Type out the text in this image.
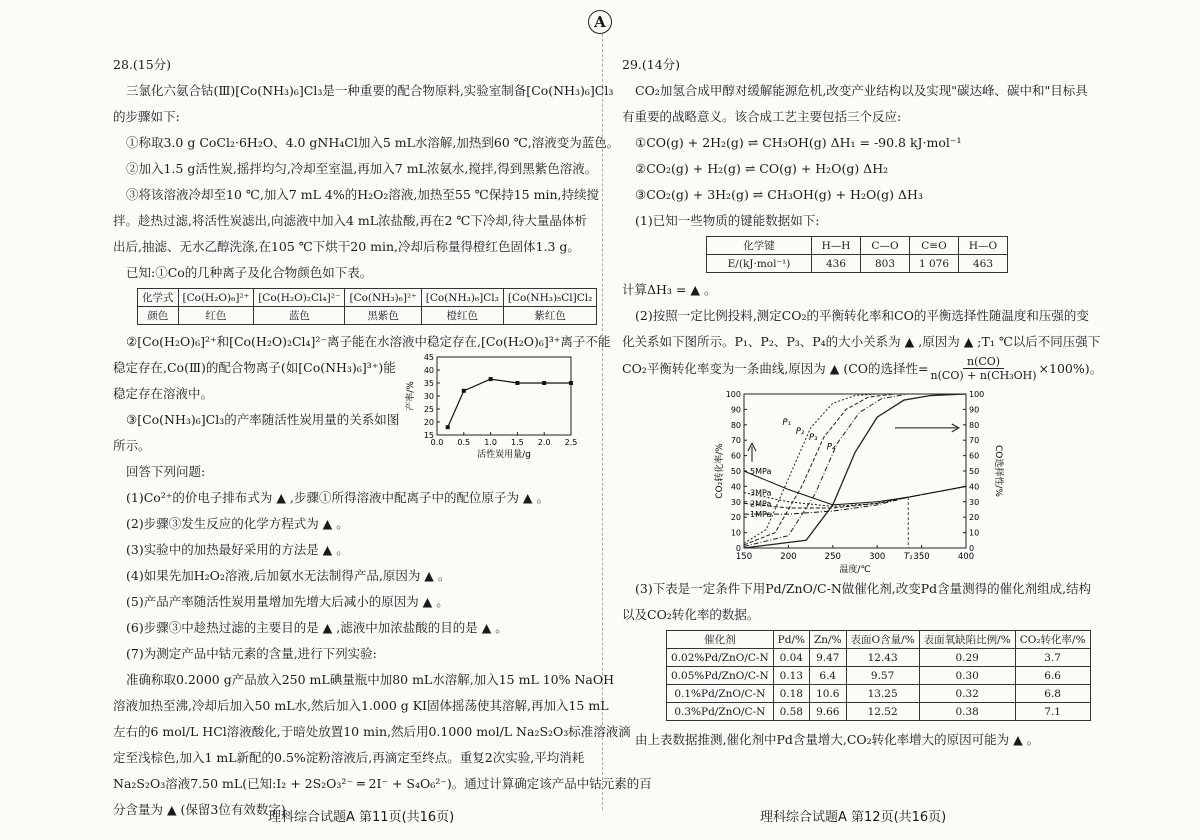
A
28.(15分)
三氯化六氨合钴(Ⅲ)[Co(NH₃)₆]Cl₃是一种重要的配合物原料,实验室制备[Co(NH₃)₆]Cl₃
的步骤如下:
①称取3.0 g CoCl₂·6H₂O、4.0 gNH₄Cl加入5 mL水溶解,加热到60 ℃,溶液变为蓝色。
②加入1.5 g活性炭,摇拌均匀,冷却至室温,再加入7 mL浓氨水,搅拌,得到黑紫色溶液。
③将该溶液冷却至10 ℃,加入7 mL 4%的H₂O₂溶液,加热至55 ℃保持15 min,持续搅
拌。趁热过滤,将活性炭滤出,向滤液中加入4 mL浓盐酸,再在2 ℃下冷却,待大量晶体析
出后,抽滤、无水乙醇洗涤,在105 ℃下烘干20 min,冷却后称量得橙红色固体1.3 g。
已知:①Co的几种离子及化合物颜色如下表。
化学式	[Co(H₂O)₆]²⁺	[Co(H₂O)₂Cl₄]²⁻	[Co(NH₃)₆]²⁺	[Co(NH₃)₆]Cl₃	[Co(NH₃)₅Cl]Cl₂
颜色	红色	蓝色	黑紫色	橙红色	紫红色
②[Co(H₂O)₆]²⁺和[Co(H₂O)₂Cl₄]²⁻离子能在水溶液中稳定存在,[Co(H₂O)₆]³⁺离子不能
稳定存在,Co(Ⅲ)的配合物离子(如[Co(NH₃)₆]³⁺)能
稳定存在溶液中。
③[Co(NH₃)₆]Cl₃的产率随活性炭用量的关系如图
所示。	0.0 0.5 1.0 1.5 2.0 2.5
15
20
25
30
35
40
45
活性炭用量/g
产率/%
回答下列问题:
(1)Co²⁺的价电子排布式为 ▲ ,步骤①所得溶液中配离子中的配位原子为 ▲ 。
(2)步骤③发生反应的化学方程式为 ▲ 。
(3)实验中的加热最好采用的方法是 ▲ 。
(4)如果先加H₂O₂溶液,后加氨水无法制得产品,原因为 ▲ 。
(5)产品产率随活性炭用量增加先增大后减小的原因为 ▲ 。
(6)步骤③中趁热过滤的主要目的是 ▲ ,滤液中加浓盐酸的目的是 ▲ 。
(7)为测定产品中钴元素的含量,进行下列实验:
准确称取0.2000 g产品放入250 mL碘量瓶中加80 mL水溶解,加入15 mL 10% NaOH
溶液加热至沸,冷却后加入50 mL水,然后加入1.000 g KI固体摇荡使其溶解,再加入15 mL
左右的6 mol/L HCl溶液酸化,于暗处放置10 min,然后用0.1000 mol/L Na₂S₂O₃标准溶液滴
定至浅棕色,加入1 mL新配的0.5%淀粉溶液后,再滴定至终点。重复2次实验,平均消耗
Na₂S₂O₃溶液7.50 mL(已知:I₂ + 2S₂O₃²⁻ ═ 2I⁻ + S₄O₆²⁻)。通过计算确定该产品中钴元素的百
分含量为 ▲ (保留3位有效数字)。
理科综合试题A 第11页(共16页)
29.(14分)
CO₂加氢合成甲醇对缓解能源危机,改变产业结构以及实现"碳达峰、碳中和"目标具
有重要的战略意义。该合成工艺主要包括三个反应:
①CO(g) + 2H₂(g) ⇌ CH₃OH(g) ΔH₁ = -90.8 kJ·mol⁻¹
②CO₂(g) + H₂(g) ⇌ CO(g) + H₂O(g) ΔH₂
③CO₂(g) + 3H₂(g) ⇌ CH₃OH(g) + H₂O(g) ΔH₃
(1)已知一些物质的键能数据如下:
化学键	H—H	C—O	C≡O	H—O
E/(kJ·mol⁻¹)	436	803	1 076	463
计算ΔH₃ = ▲ 。
(2)按照一定比例投料,测定CO₂的平衡转化率和CO的平衡选择性随温度和压强的变
化关系如下图所示。P₁、P₂、P₃、P₄的大小关系为 ▲ ,原因为 ▲ ;T₁ ℃以后不同压强下
CO₂平衡转化率变为一条曲线,原因为 ▲ (CO的选择性= $\frac{n(CO)}{\text{n(CO) + n(CH₃OH)}} \times 100\%$)。
150	200	250	300	350	400
0	0
10	10
20	20
30	30
40	40
50	50
60	60
70	70
80	80
90	90
100	100
温度/℃
CO₂转化率/%	CO选择性/%
T₁
P₁
P₂
P₃
P₄
5MPa
3MPa
2MPa
1MPa
(3)下表是一定条件下用Pd/ZnO/C-N做催化剂,改变Pd含量测得的催化剂组成,结构
以及CO₂转化率的数据。
催化剂	Pd/%	Zn/%	表面O含量/%	表面氧缺陷比例/%	CO₂转化率/%
0.02%Pd/ZnO/C-N	0.04	9.47	12.43	0.29	3.7
0.05%Pd/ZnO/C-N	0.13	6.4	9.57	0.30	6.6
0.1%Pd/ZnO/C-N	0.18	10.6	13.25	0.32	6.8
0.3%Pd/ZnO/C-N	0.58	9.66	12.52	0.38	7.1
由上表数据推测,催化剂中Pd含量增大,CO₂转化率增大的原因可能为 ▲ 。
理科综合试题A 第12页(共16页)
